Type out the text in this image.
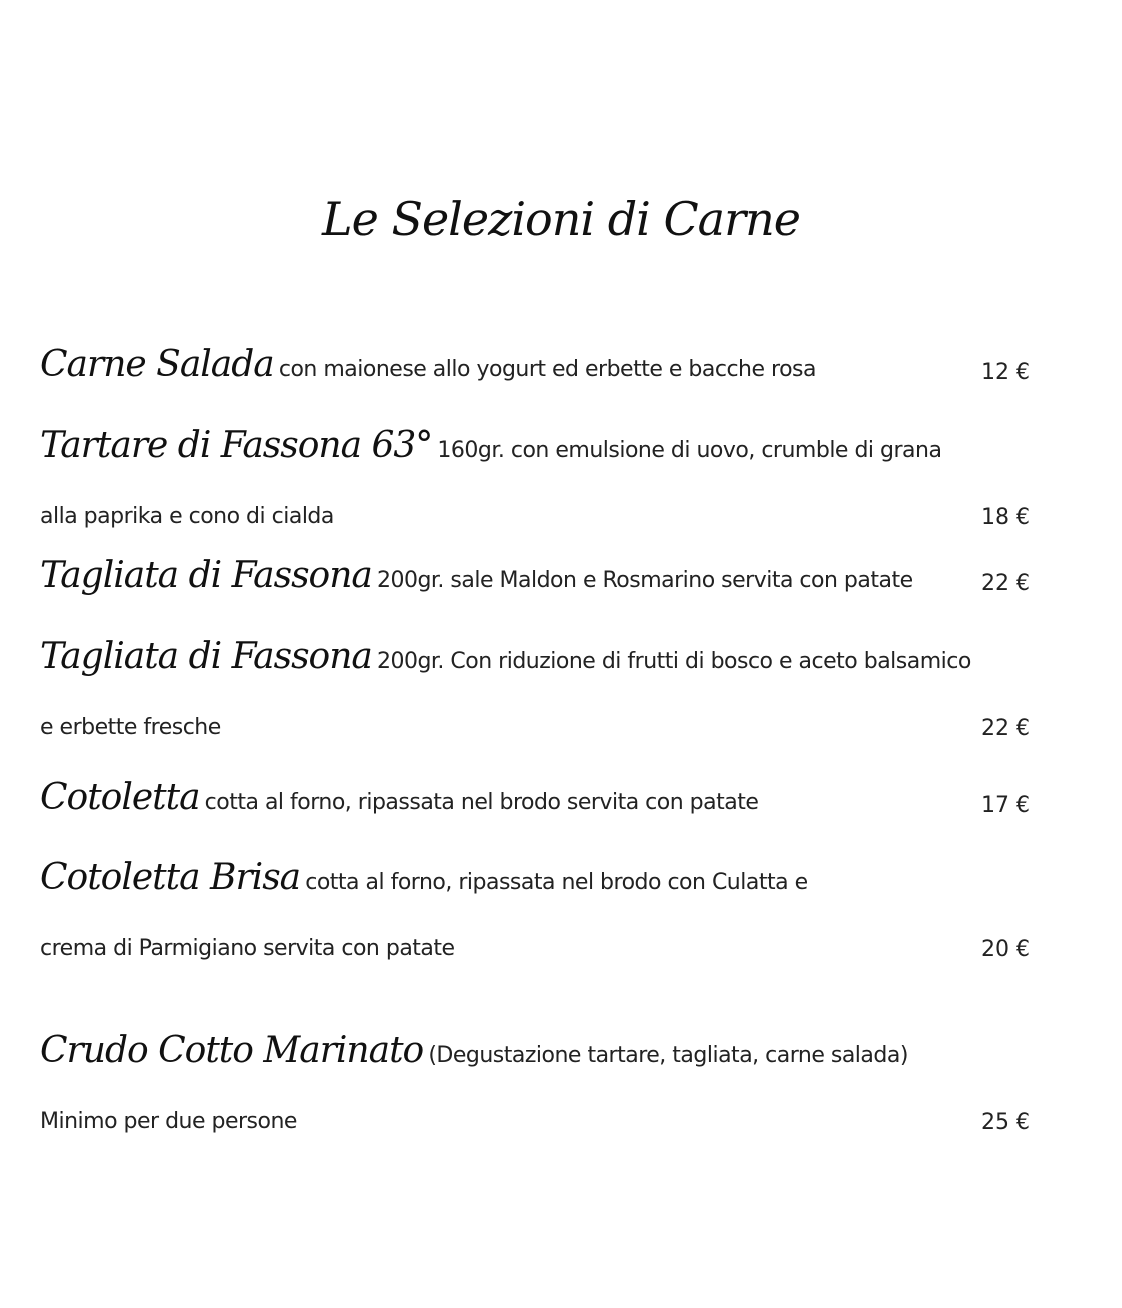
Le Selezioni di Carne
Carne Salada con maionese allo yogurt ed erbette e bacche rosa	12 €
Tartare di Fassona 63° 160gr. con emulsione di uovo, crumble di grana
alla paprika e cono di cialda	18 €
Tagliata di Fassona 200gr. sale Maldon e Rosmarino servita con patate	22 €
Tagliata di Fassona 200gr. Con riduzione di frutti di bosco e aceto balsamico
e erbette fresche	22 €
Cotoletta cotta al forno, ripassata nel brodo servita con patate	17 €
Cotoletta Brisa cotta al forno, ripassata nel brodo con Culatta e
crema di Parmigiano servita con patate	20 €
Crudo Cotto Marinato (Degustazione tartare, tagliata, carne salada)
Minimo per due persone	25 €
